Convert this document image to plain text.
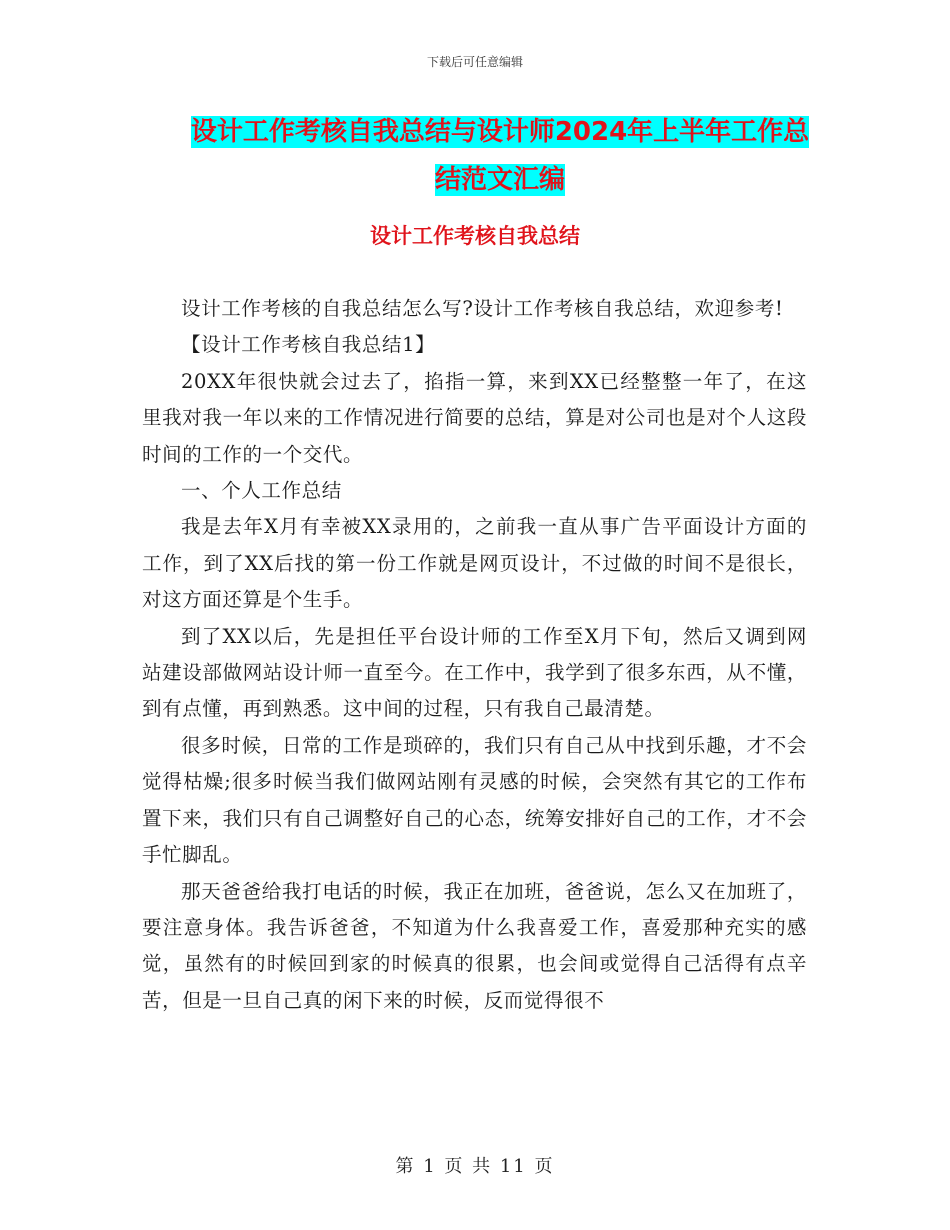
下载后可任意编辑
设计工作考核自我总结与设计师2024年上半年工作总
结范文汇编
设计工作考核自我总结

设计工作考核的自我总结怎么写?设计工作考核自我总结，欢迎参考!

【设计工作考核自我总结1】

20XX年很快就会过去了，掐指一算，来到XX已经整整一年了，在这里我对我一年以来的工作情况进行简要的总结，算是对公司也是对个人这段时间的工作的一个交代。

一、个人工作总结

我是去年X月有幸被XX录用的，之前我一直从事广告平面设计方面的工作，到了XX后找的第一份工作就是网页设计，不过做的时间不是很长，对这方面还算是个生手。

到了XX以后，先是担任平台设计师的工作至X月下旬，然后又调到网站建设部做网站设计师一直至今。在工作中，我学到了很多东西，从不懂，到有点懂，再到熟悉。这中间的过程，只有我自己最清楚。

很多时候，日常的工作是琐碎的，我们只有自己从中找到乐趣，才不会觉得枯燥;很多时候当我们做网站刚有灵感的时候，会突然有其它的工作布置下来，我们只有自己调整好自己的心态，统筹安排好自己的工作，才不会手忙脚乱。

那天爸爸给我打电话的时候，我正在加班，爸爸说，怎么又在加班了，要注意身体。我告诉爸爸，不知道为什么我喜爱工作，喜爱那种充实的感觉，虽然有的时候回到家的时候真的很累，也会间或觉得自己活得有点辛苦，但是一旦自己真的闲下来的时候，反而觉得很不

第 1 页 共 11 页
